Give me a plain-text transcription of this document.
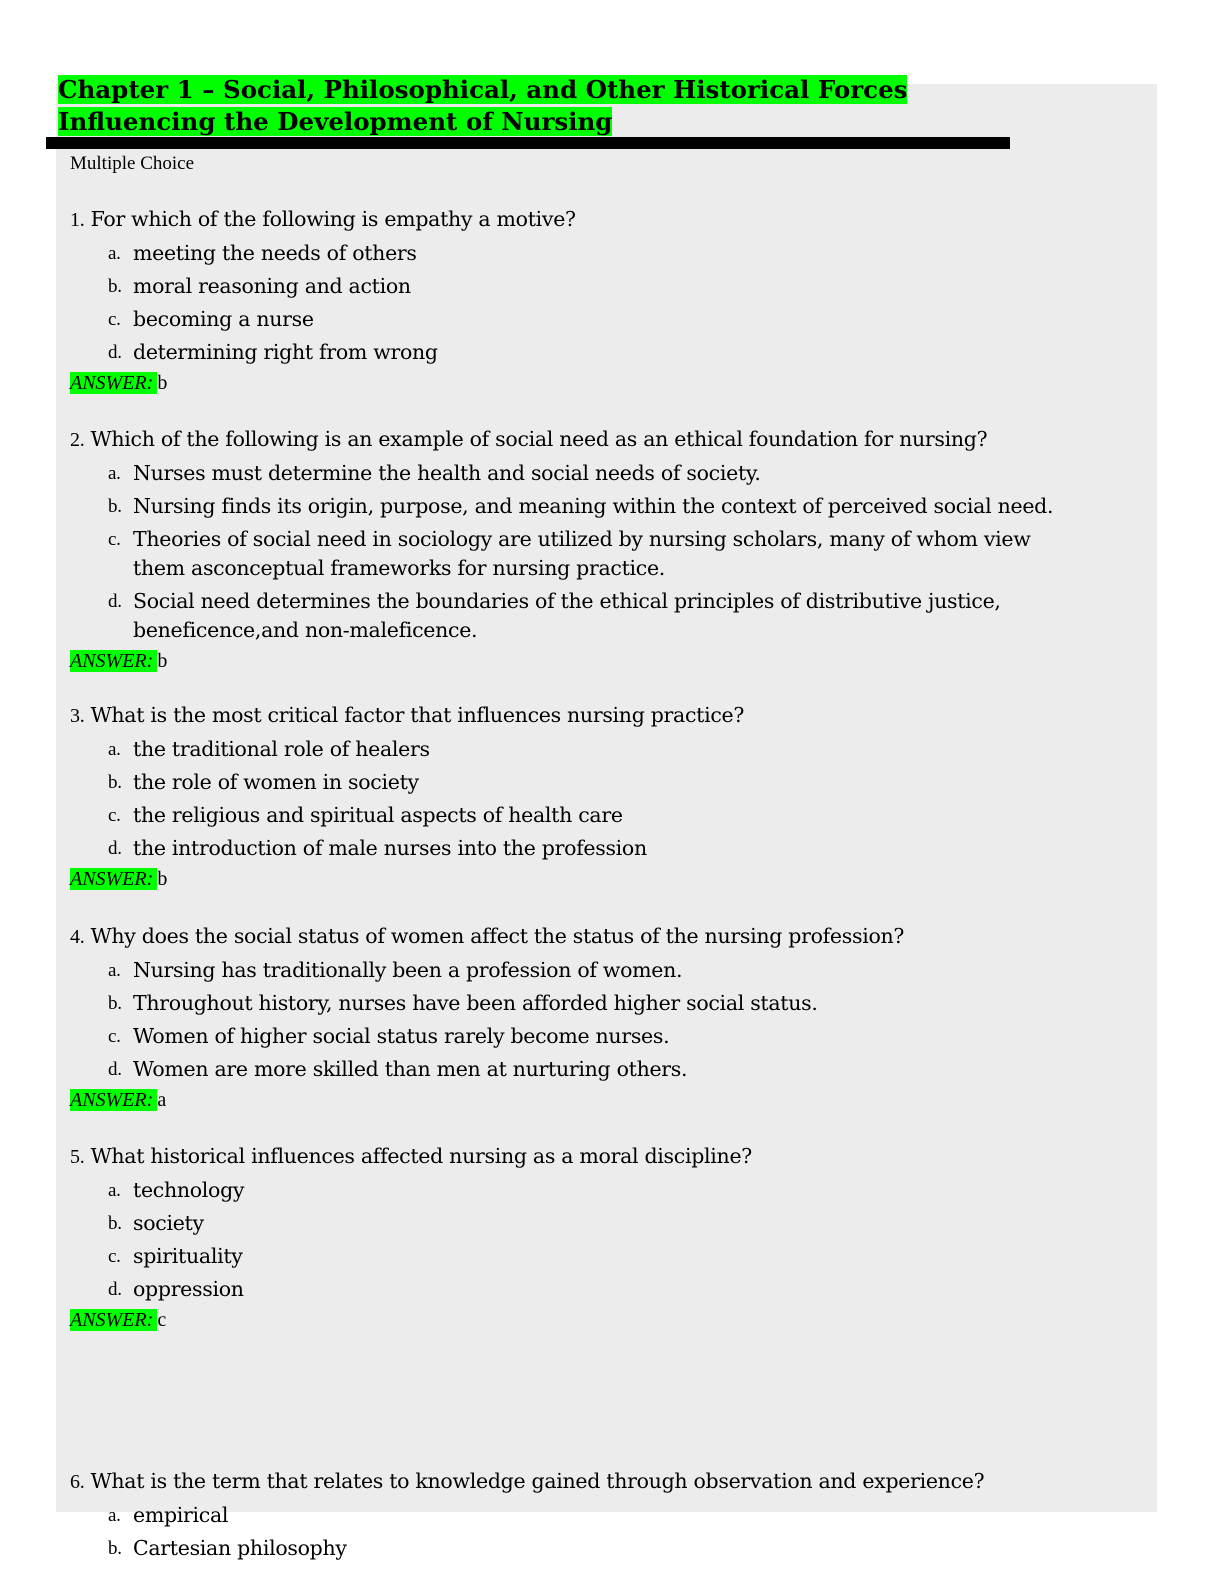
Chapter 1 – Social, Philosophical, and Other Historical Forces Influencing the Development of Nursing
Multiple Choice
1. For which of the following is empathy a motive?
a. meeting the needs of others
b. moral reasoning and action
c. becoming a nurse
d. determining right from wrong
ANSWER: b
2. Which of the following is an example of social need as an ethical foundation for nursing?
a. Nurses must determine the health and social needs of society.
b. Nursing finds its origin, purpose, and meaning within the context of perceived social need.
c. Theories of social need in sociology are utilized by nursing scholars, many of whom view them asconceptual frameworks for nursing practice.
d. Social need determines the boundaries of the ethical principles of distributive justice, beneficence,and non-maleficence.
ANSWER: b
3. What is the most critical factor that influences nursing practice?
a. the traditional role of healers
b. the role of women in society
c. the religious and spiritual aspects of health care
d. the introduction of male nurses into the profession
ANSWER: b
4. Why does the social status of women affect the status of the nursing profession?
a. Nursing has traditionally been a profession of women.
b. Throughout history, nurses have been afforded higher social status.
c. Women of higher social status rarely become nurses.
d. Women are more skilled than men at nurturing others.
ANSWER: a
5. What historical influences affected nursing as a moral discipline?
a. technology
b. society
c. spirituality
d. oppression
ANSWER: c
6. What is the term that relates to knowledge gained through observation and experience?
a. empirical
b. Cartesian philosophy
